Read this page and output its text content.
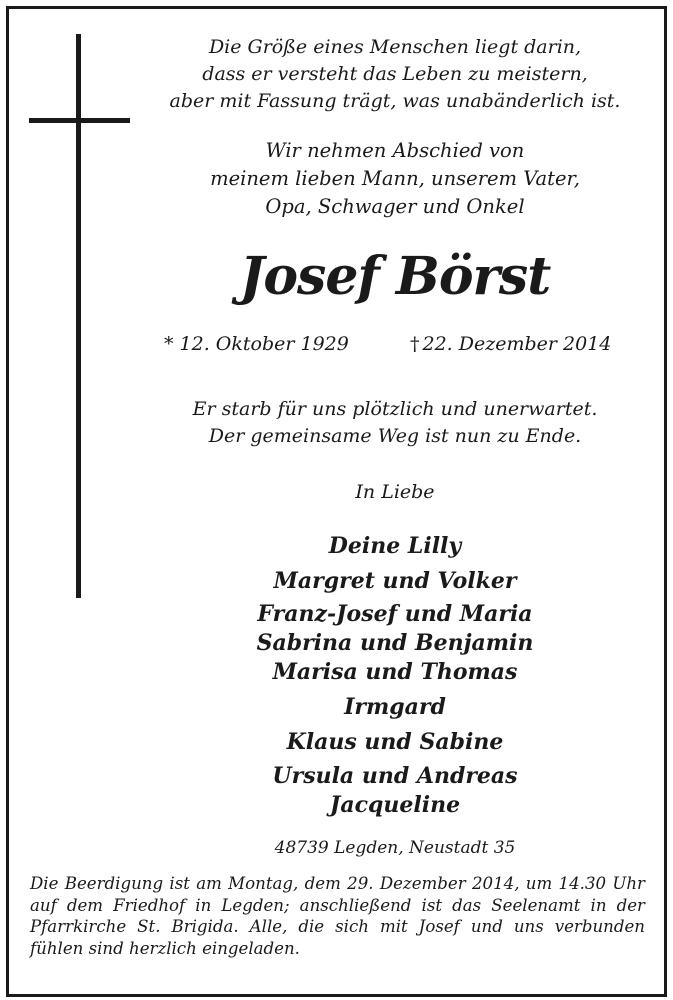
Die Größe eines Menschen liegt darin,
dass er versteht das Leben zu meistern,
aber mit Fassung trägt, was unabänderlich ist.
Wir nehmen Abschied von
meinem lieben Mann, unserem Vater,
Opa, Schwager und Onkel
Josef Börst
* 12. Oktober 1929	† 22. Dezember 2014
Er starb für uns plötzlich und unerwartet.
Der gemeinsame Weg ist nun zu Ende.
In Liebe
Deine Lilly
Margret und Volker
Franz-Josef und Maria
Sabrina und Benjamin
Marisa und Thomas
Irmgard
Klaus und Sabine
Ursula und Andreas
Jacqueline
48739 Legden, Neustadt 35
Die Beerdigung ist am Montag, dem 29. Dezember 2014, um 14.30 Uhr auf dem Friedhof in Legden; anschließend ist das Seelenamt in der Pfarrkirche St. Brigida. Alle, die sich mit Josef und uns verbunden fühlen sind herzlich eingeladen.
